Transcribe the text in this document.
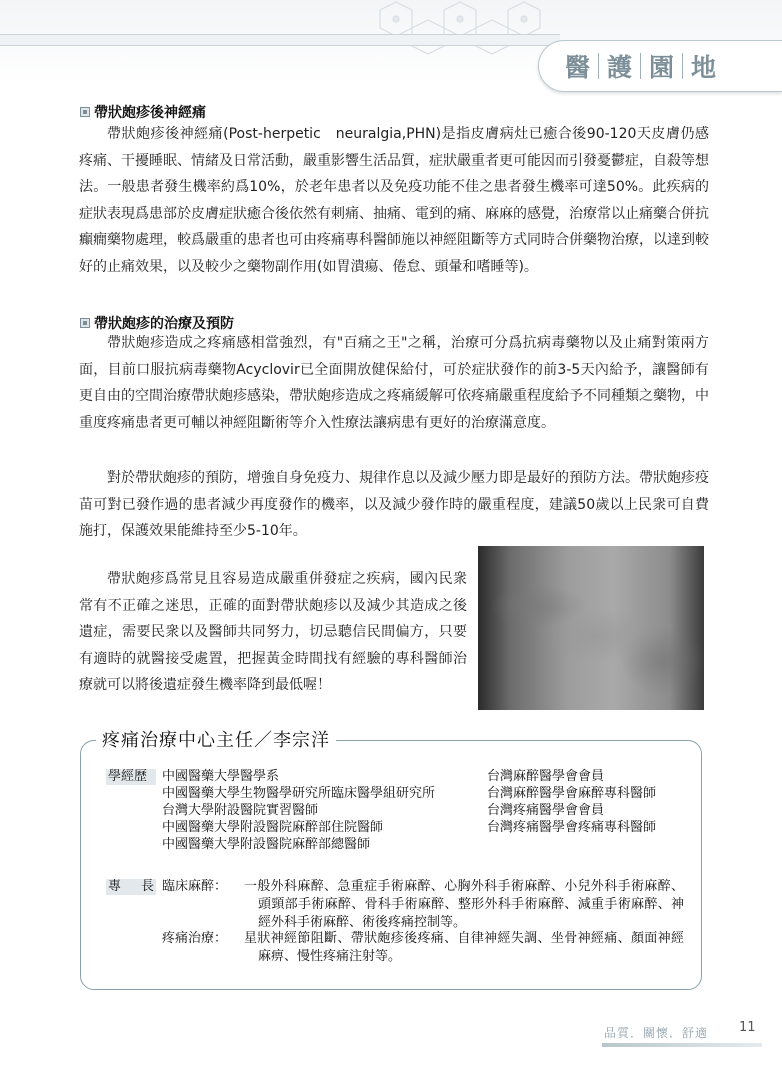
醫 護 園 地
帶狀皰疹後神經痛

帶狀皰疹後神經痛(Post-herpetic　neuralgia,PHN)是指皮膚病灶已癒合後90-120天皮膚仍感疼痛、干擾睡眠、情緒及日常活動，嚴重影響生活品質，症狀嚴重者更可能因而引發憂鬱症，自殺等想法。一般患者發生機率約爲10%，於老年患者以及免疫功能不佳之患者發生機率可達50%。此疾病的症狀表現爲患部於皮膚症狀癒合後依然有刺痛、抽痛、電到的痛、麻麻的感覺，治療常以止痛藥合併抗癲癇藥物處理，較爲嚴重的患者也可由疼痛專科醫師施以神經阻斷等方式同時合併藥物治療，以達到較好的止痛效果，以及較少之藥物副作用(如胃潰瘍、倦怠、頭暈和嗜睡等)。

帶狀皰疹的治療及預防

帶狀皰疹造成之疼痛感相當強烈，有"百痛之王"之稱，治療可分爲抗病毒藥物以及止痛對策兩方面，目前口服抗病毒藥物Acyclovir已全面開放健保給付，可於症狀發作的前3-5天內給予，讓醫師有更自由的空間治療帶狀皰疹感染，帶狀皰疹造成之疼痛緩解可依疼痛嚴重程度給予不同種類之藥物，中重度疼痛患者更可輔以神經阻斷術等介入性療法讓病患有更好的治療滿意度。

對於帶狀皰疹的預防，增強自身免疫力、規律作息以及減少壓力即是最好的預防方法。帶狀皰疹疫苗可對已發作過的患者減少再度發作的機率，以及減少發作時的嚴重程度，建議50歲以上民衆可自費施打，保護效果能維持至少5-10年。

帶狀皰疹爲常見且容易造成嚴重併發症之疾病，國內民衆常有不正確之迷思，正確的面對帶狀皰疹以及減少其造成之後遺症，需要民衆以及醫師共同努力，切忌聽信民間偏方，只要有適時的就醫接受處置，把握黃金時間找有經驗的專科醫師治療就可以將後遺症發生機率降到最低喔！

疼痛治療中心主任／李宗洋
學經歷 中國醫藥大學醫學系
中國醫藥大學生物醫學研究所臨床醫學組研究所
台灣大學附設醫院實習醫師
中國醫藥大學附設醫院麻醉部住院醫師
中國醫藥大學附設醫院麻醉部總醫師
台灣麻醉醫學會會員
台灣麻醉醫學會麻醉專科醫師
台灣疼痛醫學會會員
台灣疼痛醫學會疼痛專科醫師
專 長 臨床麻醉： 一般外科麻醉、急重症手術麻醉、心胸外科手術麻醉、小兒外科手術麻醉、頭頸部手術麻醉、骨科手術麻醉、整形外科手術麻醉、減重手術麻醉、神經外科手術麻醉、術後疼痛控制等。
疼痛治療： 星狀神經節阻斷、帶狀皰疹後疼痛、自律神經失調、坐骨神經痛、顏面神經麻痹、慢性疼痛注射等。
品質．關懷．舒適 11
